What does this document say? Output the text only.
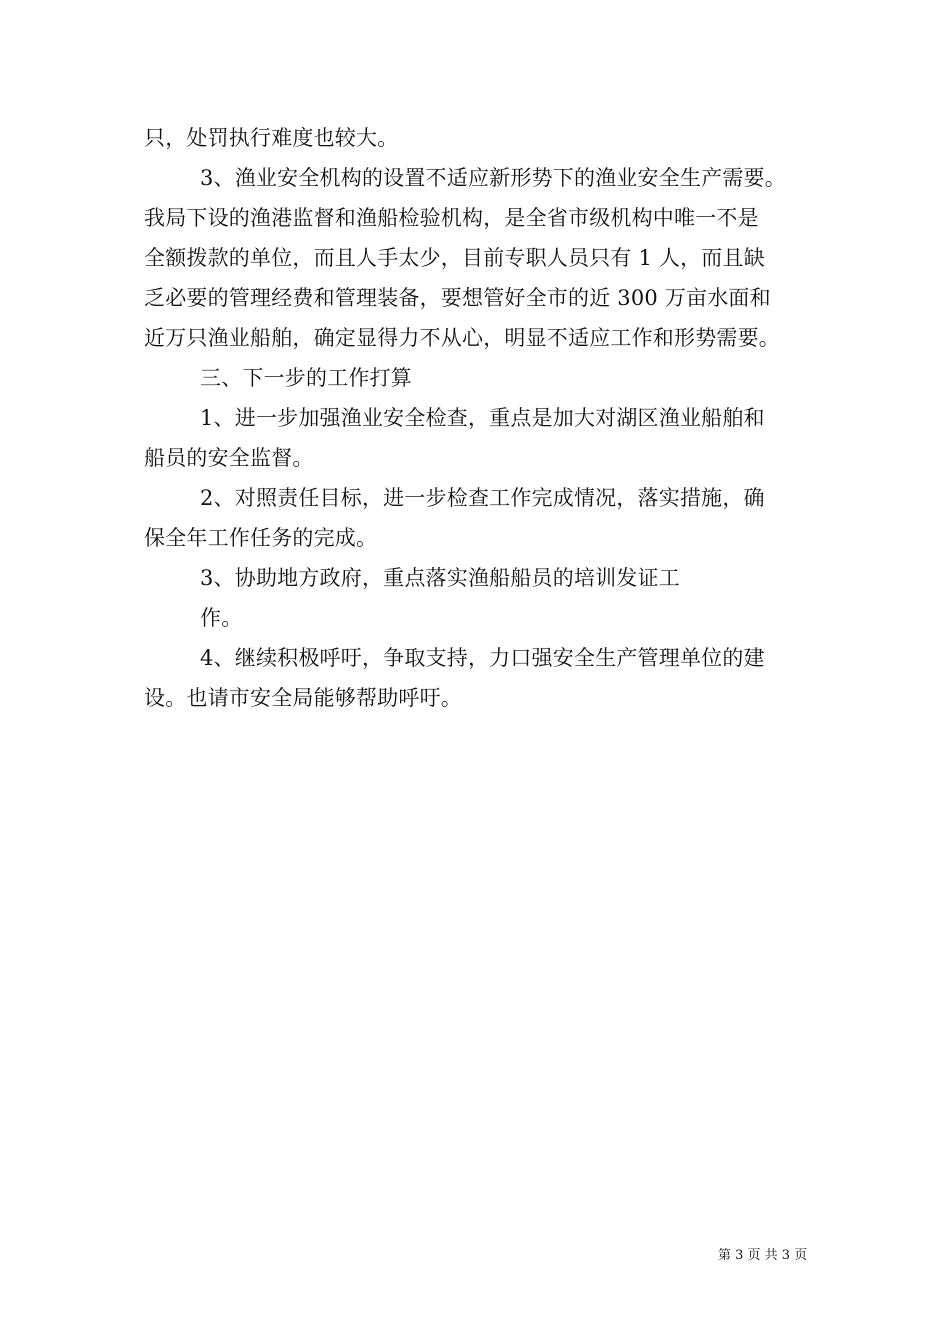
只，处罚执行难度也较大。
3、渔业安全机构的设置不适应新形势下的渔业安全生产需要。
我局下设的渔港监督和渔船检验机构，是全省市级机构中唯一不是
全额拨款的单位，而且人手太少，目前专职人员只有 1 人，而且缺
乏必要的管理经费和管理装备，要想管好全市的近 300 万亩水面和
近万只渔业船舶，确定显得力不从心，明显不适应工作和形势需要。
三、下一步的工作打算
1、进一步加强渔业安全检查，重点是加大对湖区渔业船舶和
船员的安全监督。
2、对照责任目标，进一步检查工作完成情况，落实措施，确
保全年工作任务的完成。
3、协助地方政府，重点落实渔船船员的培训发证工
作。
4、继续积极呼吁，争取支持，力口强安全生产管理单位的建
设。也请市安全局能够帮助呼吁。
第 3 页 共 3 页
